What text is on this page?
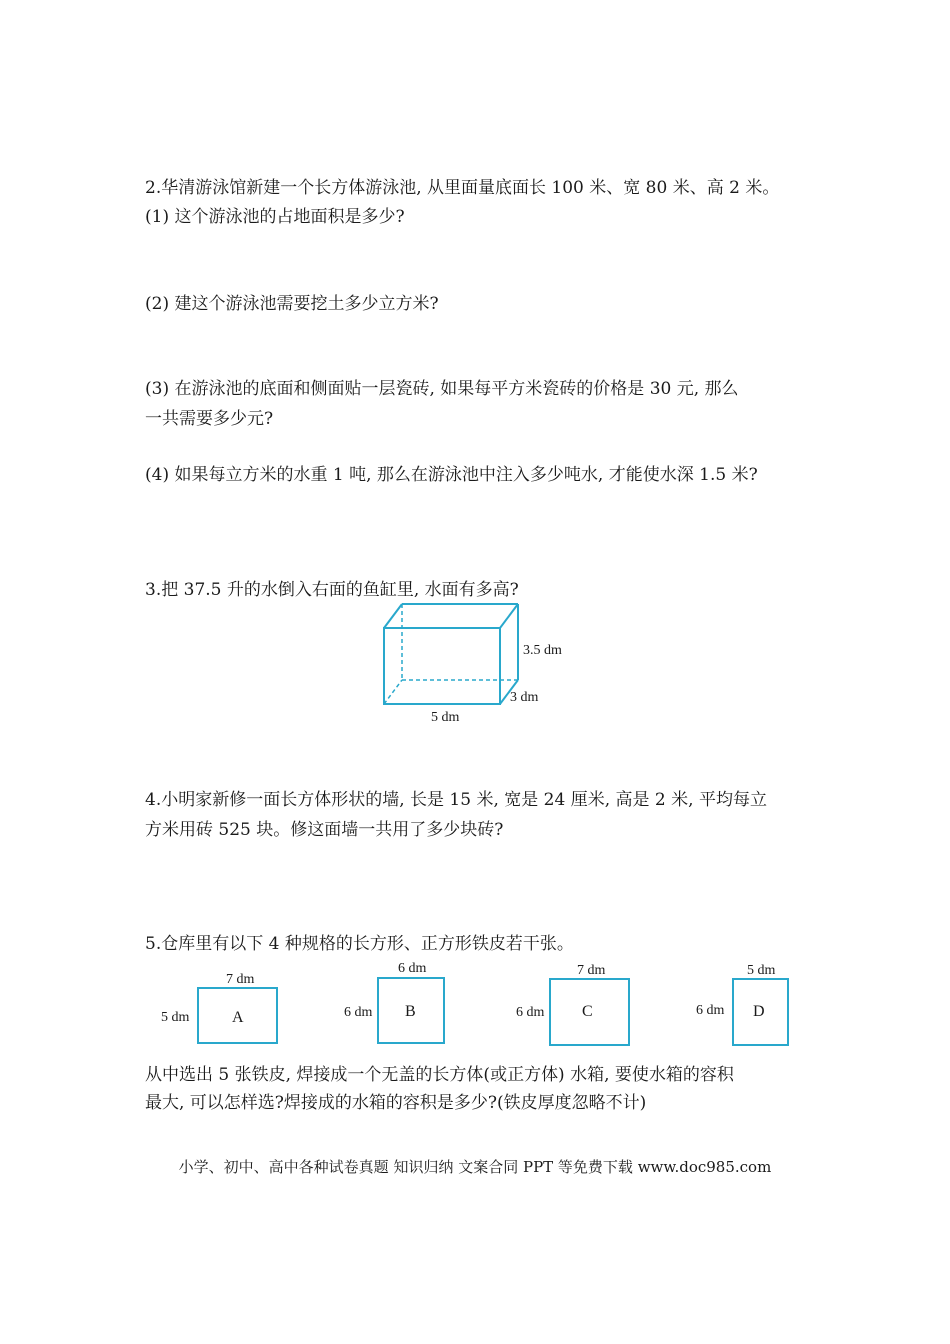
2.华清游泳馆新建一个长方体游泳池, 从里面量底面长 100 米、宽 80 米、高 2 米。
(1) 这个游泳池的占地面积是多少?
(2) 建这个游泳池需要挖土多少立方米?
(3) 在游泳池的底面和侧面贴一层瓷砖, 如果每平方米瓷砖的价格是 30 元, 那么
一共需要多少元?
(4) 如果每立方米的水重 1 吨, 那么在游泳池中注入多少吨水, 才能使水深 1.5 米?
3.把 37.5 升的水倒入右面的鱼缸里, 水面有多高?
3.5 dm
3 dm
5 dm
4.小明家新修一面长方体形状的墙, 长是 15 米, 宽是 24 厘米, 高是 2 米, 平均每立
方米用砖 525 块。修这面墙一共用了多少块砖?
5.仓库里有以下 4 种规格的长方形、正方形铁皮若干张。
7 dm
5 dm	A
6 dm
6 dm B
7 dm
6 dm C
5 dm
6 dm D
从中选出 5 张铁皮, 焊接成一个无盖的长方体(或正方体) 水箱, 要使水箱的容积
最大, 可以怎样选?焊接成的水箱的容积是多少?(铁皮厚度忽略不计)
小学、初中、高中各种试卷真题 知识归纳 文案合同 PPT 等免费下载 www.doc985.com
